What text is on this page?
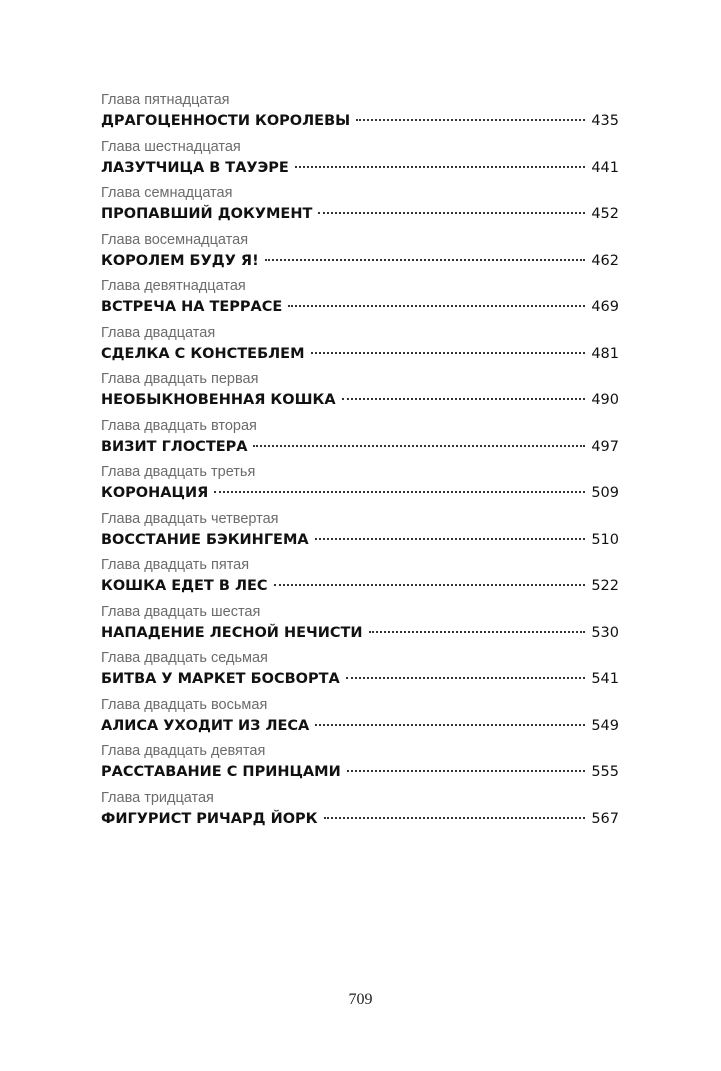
Глава пятнадцатая
ДРАГОЦЕННОСТИ КОРОЛЕВЫ	435
Глава шестнадцатая
ЛАЗУТЧИЦА В ТАУЭРЕ	441
Глава семнадцатая
ПРОПАВШИЙ ДОКУМЕНТ	452
Глава восемнадцатая
КОРОЛЕМ БУДУ Я!	462
Глава девятнадцатая
ВСТРЕЧА НА ТЕРРАСЕ	469
Глава двадцатая
СДЕЛКА С КОНСТЕБЛЕМ	481
Глава двадцать первая
НЕОБЫКНОВЕННАЯ КОШКА	490
Глава двадцать вторая
ВИЗИТ ГЛОСТЕРА	497
Глава двадцать третья
КОРОНАЦИЯ	509
Глава двадцать четвертая
ВОССТАНИЕ БЭКИНГЕМА	510
Глава двадцать пятая
КОШКА ЕДЕТ В ЛЕС	522
Глава двадцать шестая
НАПАДЕНИЕ ЛЕСНОЙ НЕЧИСТИ	530
Глава двадцать седьмая
БИТВА У МАРКЕТ БОСВОРТА	541
Глава двадцать восьмая
АЛИСА УХОДИТ ИЗ ЛЕСА	549
Глава двадцать девятая
РАССТАВАНИЕ С ПРИНЦАМИ	555
Глава тридцатая
ФИГУРИСТ РИЧАРД ЙОРК	567
709
